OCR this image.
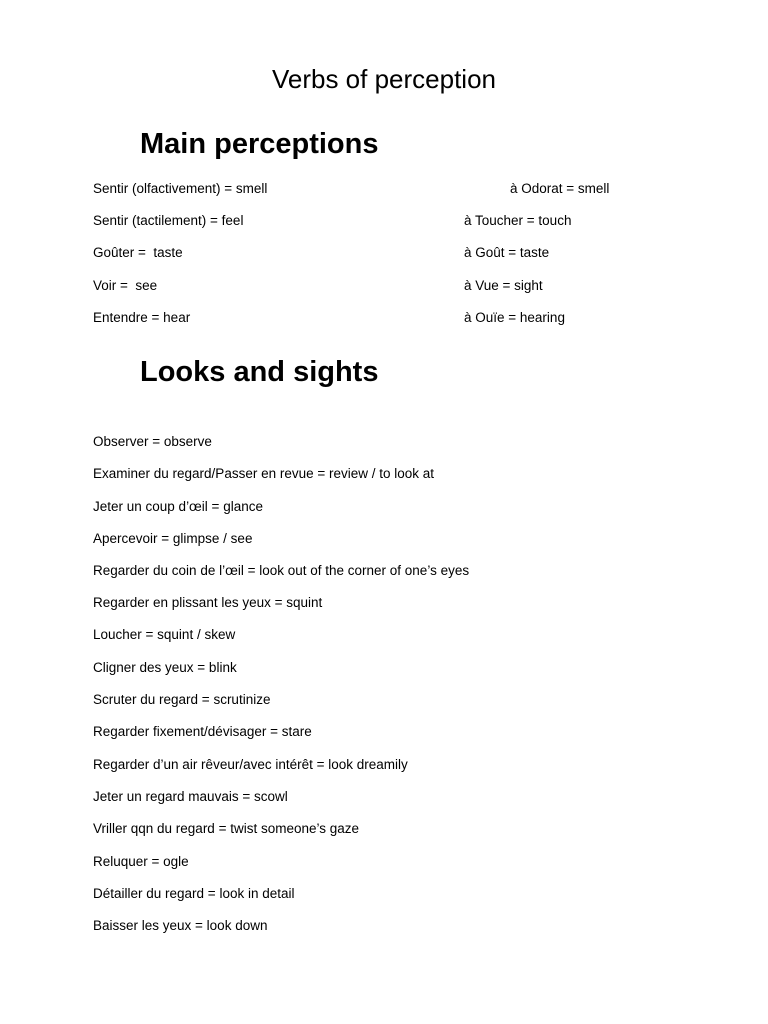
Verbs of perception
Main perceptions
Sentir (olfactivement) = smell	à Odorat = smell
Sentir (tactilement) = feel	à Toucher = touch
Goûter =  taste	à Goût = taste
Voir =  see	à Vue = sight
Entendre = hear	à Ouïe = hearing
Looks and sights
Observer = observe
Examiner du regard/Passer en revue = review / to look at
Jeter un coup d’œil = glance
Apercevoir = glimpse / see
Regarder du coin de l’œil = look out of the corner of one’s eyes
Regarder en plissant les yeux = squint
Loucher = squint / skew
Cligner des yeux = blink
Scruter du regard = scrutinize
Regarder fixement/dévisager = stare
Regarder d’un air rêveur/avec intérêt = look dreamily
Jeter un regard mauvais = scowl
Vriller qqn du regard = twist someone’s gaze
Reluquer = ogle
Détailler du regard = look in detail
Baisser les yeux = look down
